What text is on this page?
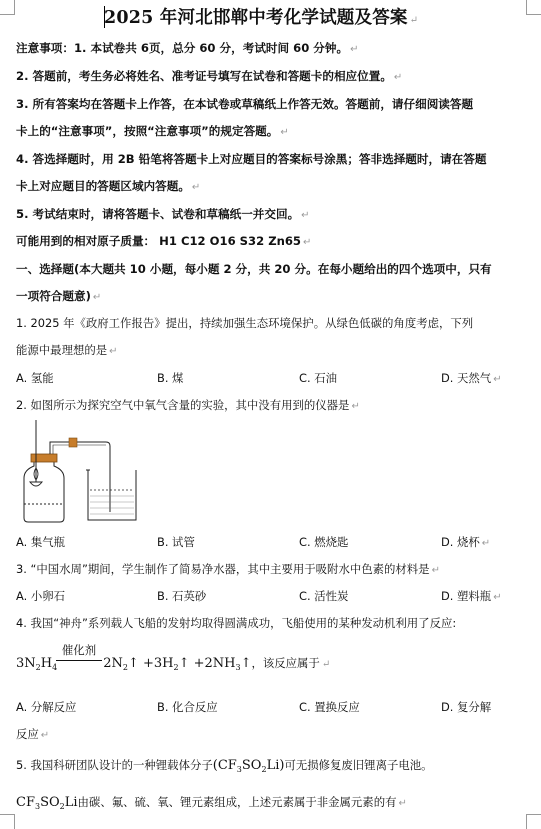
2025 年河北邯郸中考化学试题及答案 ↵
注意事项：1. 本试卷共 6页，总分 60 分，考试时间 60 分钟。 ↵
2. 答题前，考生务必将姓名、准考证号填写在试卷和答题卡的相应位置。 ↵
3. 所有答案均在答题卡上作答，在本试卷或草稿纸上作答无效。答题前，请仔细阅读答题
卡上的“注意事项”，按照“注意事项”的规定答题。 ↵
4. 答选择题时，用 2B 铅笔将答题卡上对应题目的答案标号涂黑；答非选择题时，请在答题
卡上对应题目的答题区域内答题。 ↵
5. 考试结束时，请将答题卡、试卷和草稿纸一并交回。 ↵
可能用到的相对原子质量： H1 C12 O16 S32 Zn65 ↵
一、选择题(本大题共 10 小题，每小题 2 分，共 20 分。在每小题给出的四个选项中，只有
一项符合题意) ↵
1. 2025 年《政府工作报告》提出，持续加强生态环境保护。从绿色低碳的角度考虑，下列
能源中最理想的是 ↵
A. 氢能	B. 煤	C. 石油	D. 天然气 ↵
2. 如图所示为探究空气中氧气含量的实验，其中没有用到的仪器是 ↵
A. 集气瓶	B. 试管	C. 燃烧匙	D. 烧杯 ↵
3. “中国水周”期间，学生制作了简易净水器，其中主要用于吸附水中色素的材料是 ↵
A. 小卵石	B. 石英砂	C. 活性炭	D. 塑料瓶 ↵
4. 我国“神舟”系列载人飞船的发射均取得圆满成功，飞船使用的某种发动机利用了反应:
催化剂
$3N_2H_4$	$2N_2↑$ $+3H_2↑$ $+2NH_3↑$，该反应属于 ↵
A. 分解反应	B. 化合反应	C. 置换反应	D. 复分解
反应 ↵
5. 我国科研团队设计的一种锂载体分子$(CF_3SO_2Li)$可无损修复废旧锂离子电池。
$CF_3SO_2Li$由碳、氟、硫、氧、锂元素组成，上述元素属于非金属元素的有 ↵
